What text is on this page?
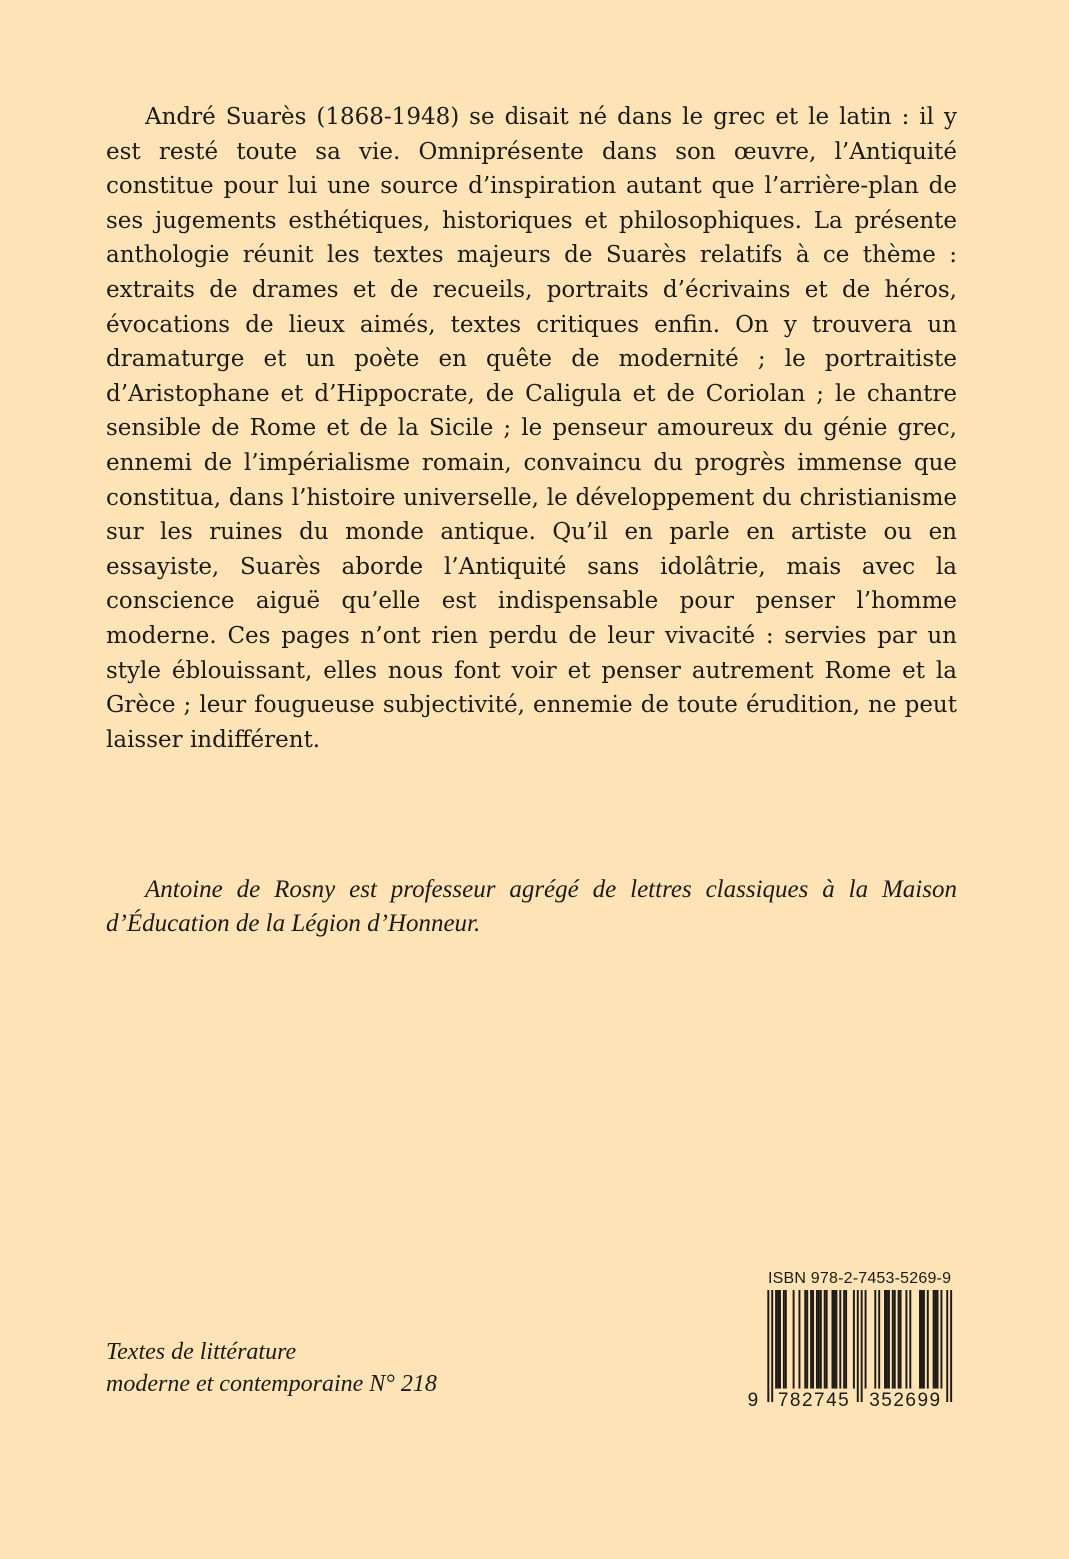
André Suarès (1868-1948) se disait né dans le grec et le latin : il y est resté toute sa vie. Omniprésente dans son œuvre, l’Antiquité constitue pour lui une source d’inspiration autant que l’arrière-plan de ses jugements esthétiques, historiques et philosophiques. La présente anthologie réunit les textes majeurs de Suarès relatifs à ce thème : extraits de drames et de recueils, portraits d’écrivains et de héros, évocations de lieux aimés, textes critiques enfin. On y trouvera un dramaturge et un poète en quête de modernité ; le portraitiste d’Aristophane et d’Hippocrate, de Caligula et de Coriolan ; le chantre sensible de Rome et de la Sicile ; le penseur amoureux du génie grec, ennemi de l’impérialisme romain, convaincu du progrès immense que constitua, dans l’histoire universelle, le développement du christianisme sur les ruines du monde antique. Qu’il en parle en artiste ou en essayiste, Suarès aborde l’Antiquité sans idolâtrie, mais avec la conscience aiguë qu’elle est indispensable pour penser l’homme moderne. Ces pages n’ont rien perdu de leur vivacité : servies par un style éblouissant, elles nous font voir et penser autrement Rome et la Grèce ; leur fougueuse subjectivité, ennemie de toute érudition, ne peut laisser indifférent.

Antoine de Rosny est professeur agrégé de lettres classiques à la Maison d’Éducation de la Légion d’Honneur.

Textes de littérature
moderne et contemporaine N° 218
ISBN 978-2-7453-5269-9
9 782745 352699
